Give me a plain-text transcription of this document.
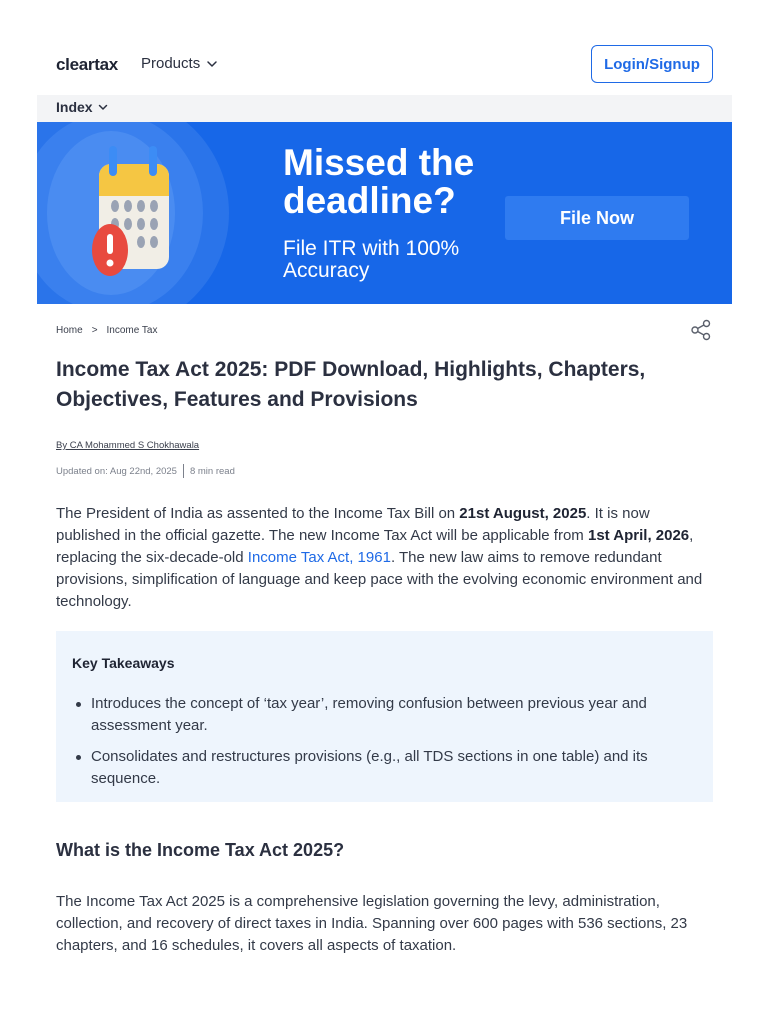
cleartax Products	Login/Signup
Index
Missed the
deadline?
File ITR with 100% Accuracy
File Now
Home > Income Tax
Income Tax Act 2025: PDF Download, Highlights, Chapters, Objectives, Features and Provisions
By CA Mohammed S Chokhawala
Updated on: Aug 22nd, 2025 8 min read

The President of India as assented to the Income Tax Bill on 21st August, 2025. It is now published in the official gazette. The new Income Tax Act will be applicable from 1st April, 2026, replacing the six-decade-old Income Tax Act, 1961. The new law aims to remove redundant provisions, simplification of language and keep pace with the evolving economic environment and technology.

Key Takeaways
Introduces the concept of ‘tax year’, removing confusion between previous year and assessment year.
Consolidates and restructures provisions (e.g., all TDS sections in one table) and its sequence.
What is the Income Tax Act 2025?

The Income Tax Act 2025 is a comprehensive legislation governing the levy, administration, collection, and recovery of direct taxes in India. Spanning over 600 pages with 536 sections, 23 chapters, and 16 schedules, it covers all aspects of taxation.
